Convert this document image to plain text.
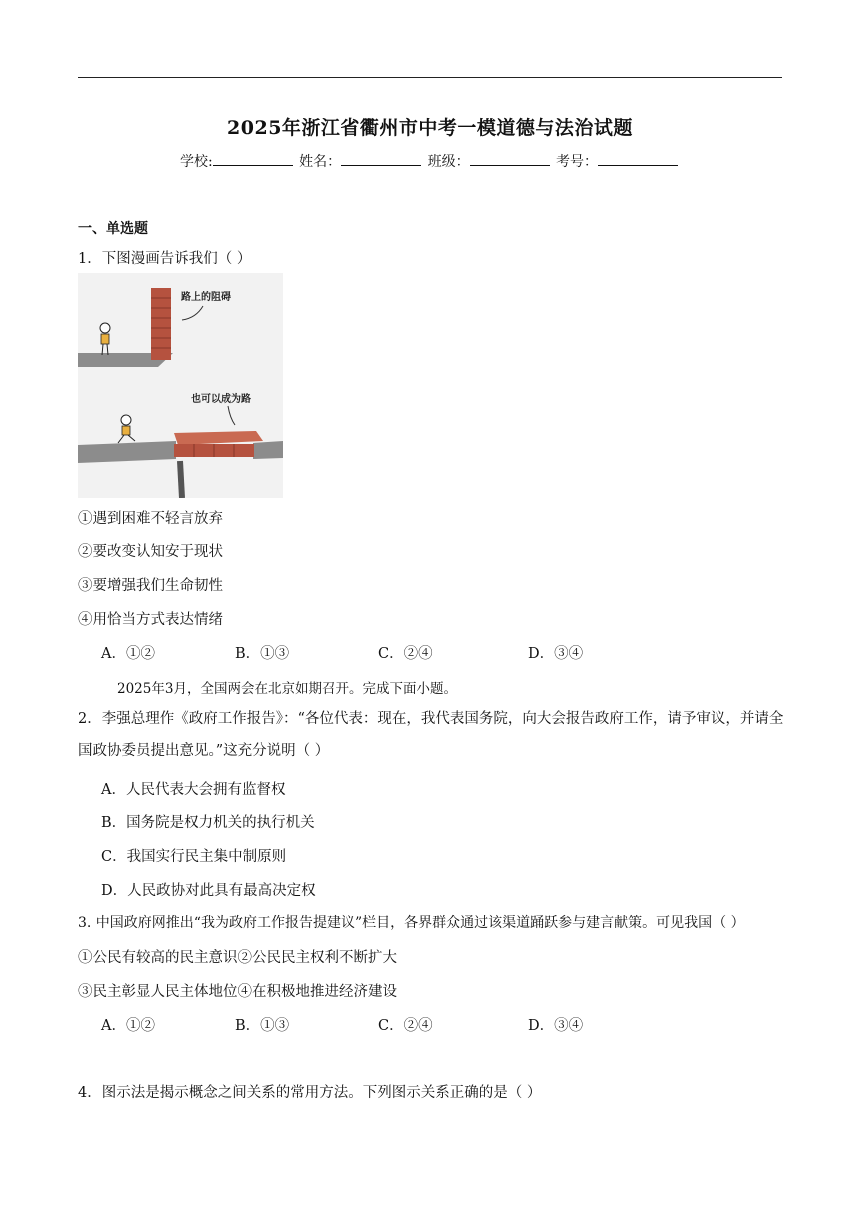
2025年浙江省衢州市中考一模道德与法治试题
学校:	姓名：	班级：	考号：
一、单选题
1．下图漫画告诉我们（ ）
路上的阻碍
也可以成为路
①遇到困难不轻言放弃
②要改变认知安于现状
③要增强我们生命韧性
④用恰当方式表达情绪
A．①②	B．①③	C．②④	D．③④
2025年3月，全国两会在北京如期召开。完成下面小题。
2．李强总理作《政府工作报告》：“各位代表：现在，我代表国务院，向大会报告政府工作，请予审议，并请全国政协委员提出意见。”这充分说明（ ）
A．人民代表大会拥有监督权
B．国务院是权力机关的执行机关
C．我国实行民主集中制原则
D．人民政协对此具有最高决定权
3. 中国政府网推出“我为政府工作报告提建议”栏目，各界群众通过该渠道踊跃参与建言献策。可见我国（ ）
①公民有较高的民主意识②公民民主权利不断扩大
③民主彰显人民主体地位④在积极地推进经济建设
A．①②	B．①③	C．②④	D．③④
4．图示法是揭示概念之间关系的常用方法。下列图示关系正确的是（ ）
